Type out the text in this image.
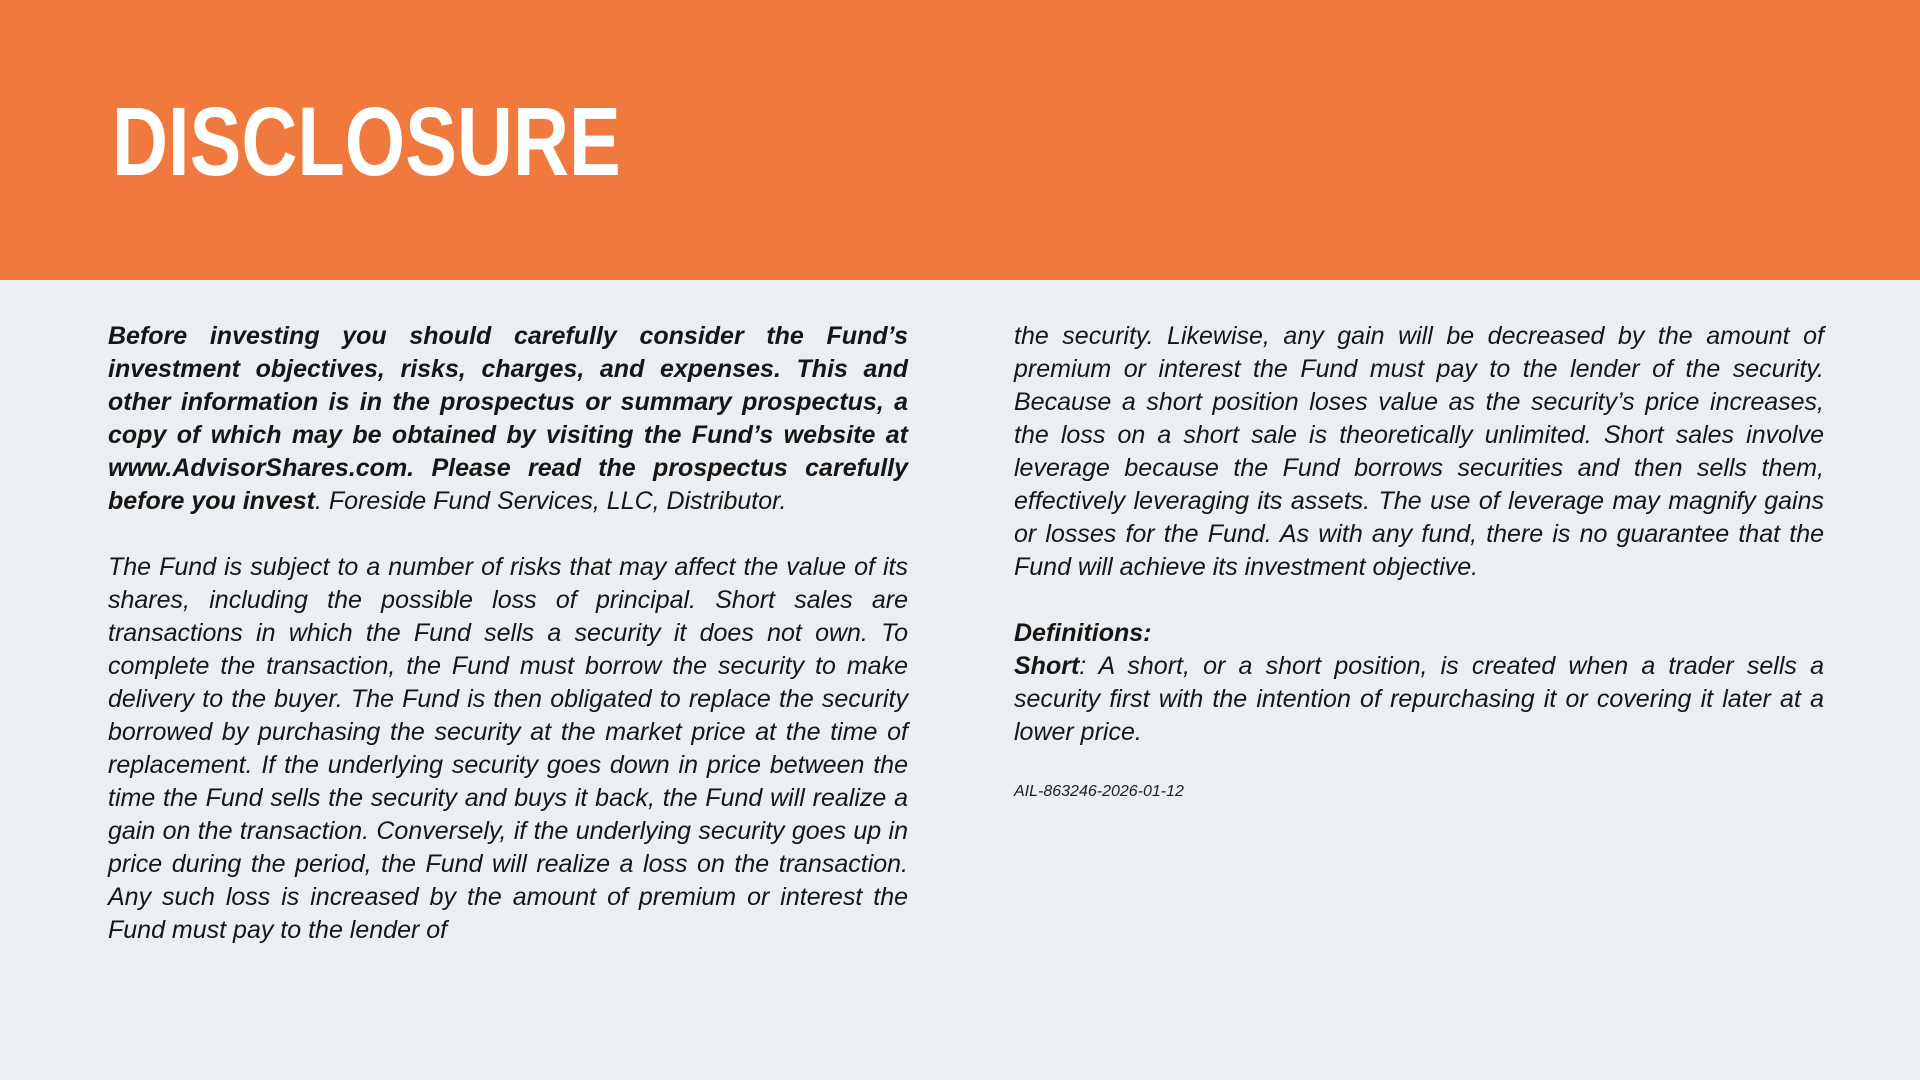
DISCLOSURE

Before investing you should carefully consider the Fund’s investment objectives, risks, charges, and expenses. This and other information is in the prospectus or summary prospectus, a copy of which may be obtained by visiting the Fund’s website at www.AdvisorShares.com. Please read the prospectus carefully before you invest. Foreside Fund Services, LLC, Distributor.

The Fund is subject to a number of risks that may affect the value of its shares, including the possible loss of principal. Short sales are transactions in which the Fund sells a security it does not own. To complete the transaction, the Fund must borrow the security to make delivery to the buyer. The Fund is then obligated to replace the security borrowed by purchasing the security at the market price at the time of replacement. If the underlying security goes down in price between the time the Fund sells the security and buys it back, the Fund will realize a gain on the transaction. Conversely, if the underlying security goes up in price during the period, the Fund will realize a loss on the transaction. Any such loss is increased by the amount of premium or interest the Fund must pay to the lender of

the security. Likewise, any gain will be decreased by the amount of premium or interest the Fund must pay to the lender of the security. Because a short position loses value as the security’s price increases, the loss on a short sale is theoretically unlimited. Short sales involve leverage because the Fund borrows securities and then sells them, effectively leveraging its assets. The use of leverage may magnify gains or losses for the Fund. As with any fund, there is no guarantee that the Fund will achieve its investment objective.

Definitions:

Short: A short, or a short position, is created when a trader sells a security first with the intention of repurchasing it or covering it later at a lower price.

AIL-863246-2026-01-12
